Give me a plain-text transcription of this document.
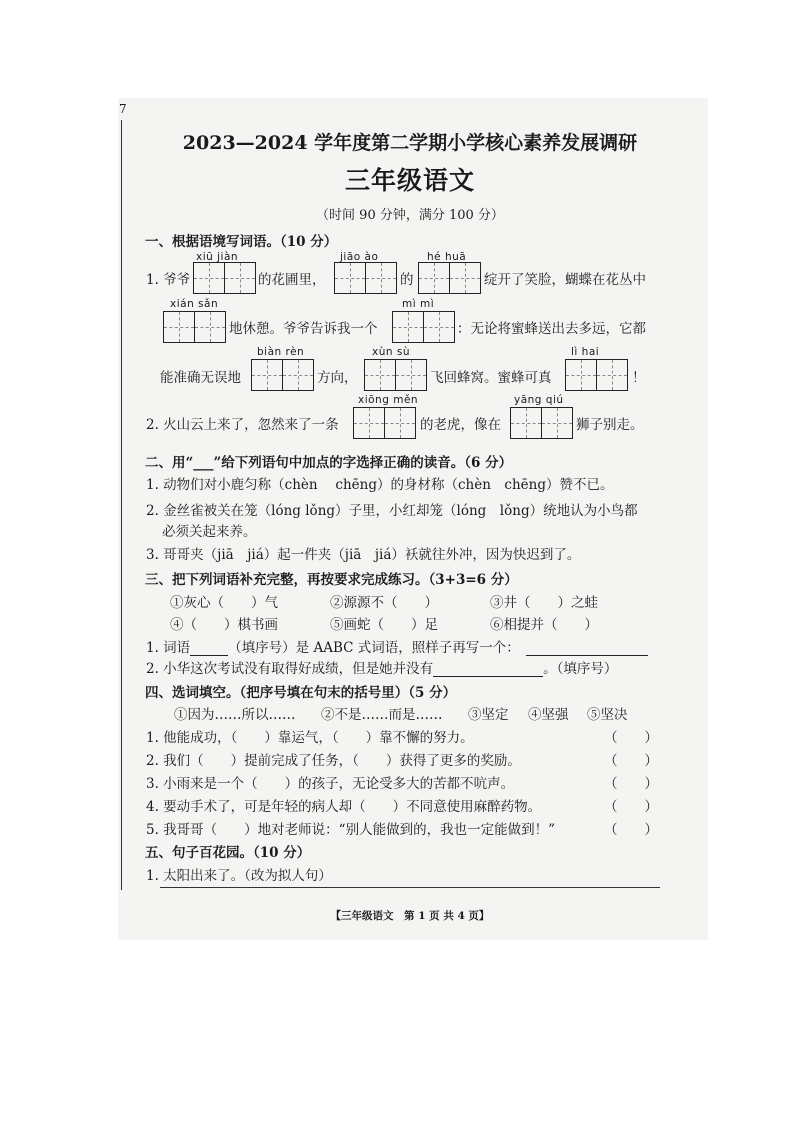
7
2023—2024 学年度第二学期小学核心素养发展调研
三年级语文
（时间 90 分钟，满分 100 分）
一、根据语境写词语。（10 分）
xiū jiàn	jiāo ào	hé huā
1. 爷爷	的花圃里，	的	绽开了笑脸，蝴蝶在花丛中
xián sǎn	mì mì
地休憩。爷爷告诉我一个	：无论将蜜蜂送出去多远，它都
biàn rèn	xùn sù	lì hai
能准确无误地	方向，	飞回蜂窝。蜜蜂可真	！
xiōng měn	yāng qiú
2. 火山云上来了，忽然来了一条	的老虎，像在	狮子别走。
二、用“___”给下列语句中加点的字选择正确的读音。（6 分）
1. 动物们对小鹿匀称（chèn　 chēng）的身材称（chèn　chēng）赞不已。
2. 金丝雀被关在笼（lóng lǒng）子里，小红却笼（lóng　lǒng）统地认为小鸟都
必须关起来养。
3. 哥哥夹（jiā　jiá）起一件夹（jiā　jiá）袄就往外冲，因为快迟到了。
三、把下列词语补充完整，再按要求完成练习。（3+3=6 分）
①灰心（　　）气	②源源不（　　）	③井（　　）之蛙
④（　　）棋书画	⑤画蛇（　　）足	⑥相提并（　　）
1. 词语	（填序号）是 AABC 式词语，照样子再写一个：
2. 小华这次考试没有取得好成绩，但是她并没有	。（填序号）
四、选词填空。（把序号填在句末的括号里）（5 分）
①因为……所以…… ②不是……而是…… ③坚定 ④坚强 ⑤坚决
1. 他能成功，（　　）靠运气，（　　）靠不懈的努力。	（　　）
2. 我们（　　）提前完成了任务，（　　）获得了更多的奖励。	（　　）
3. 小雨来是一个（　　）的孩子，无论受多大的苦都不吭声。	（　　）
4. 要动手术了，可是年轻的病人却（　　）不同意使用麻醉药物。	（　　）
5. 我哥哥（　　）地对老师说：“别人能做到的，我也一定能做到！”	（　　）
五、句子百花园。（10 分）
1. 太阳出来了。（改为拟人句）
【三年级语文　第 1 页 共 4 页】
